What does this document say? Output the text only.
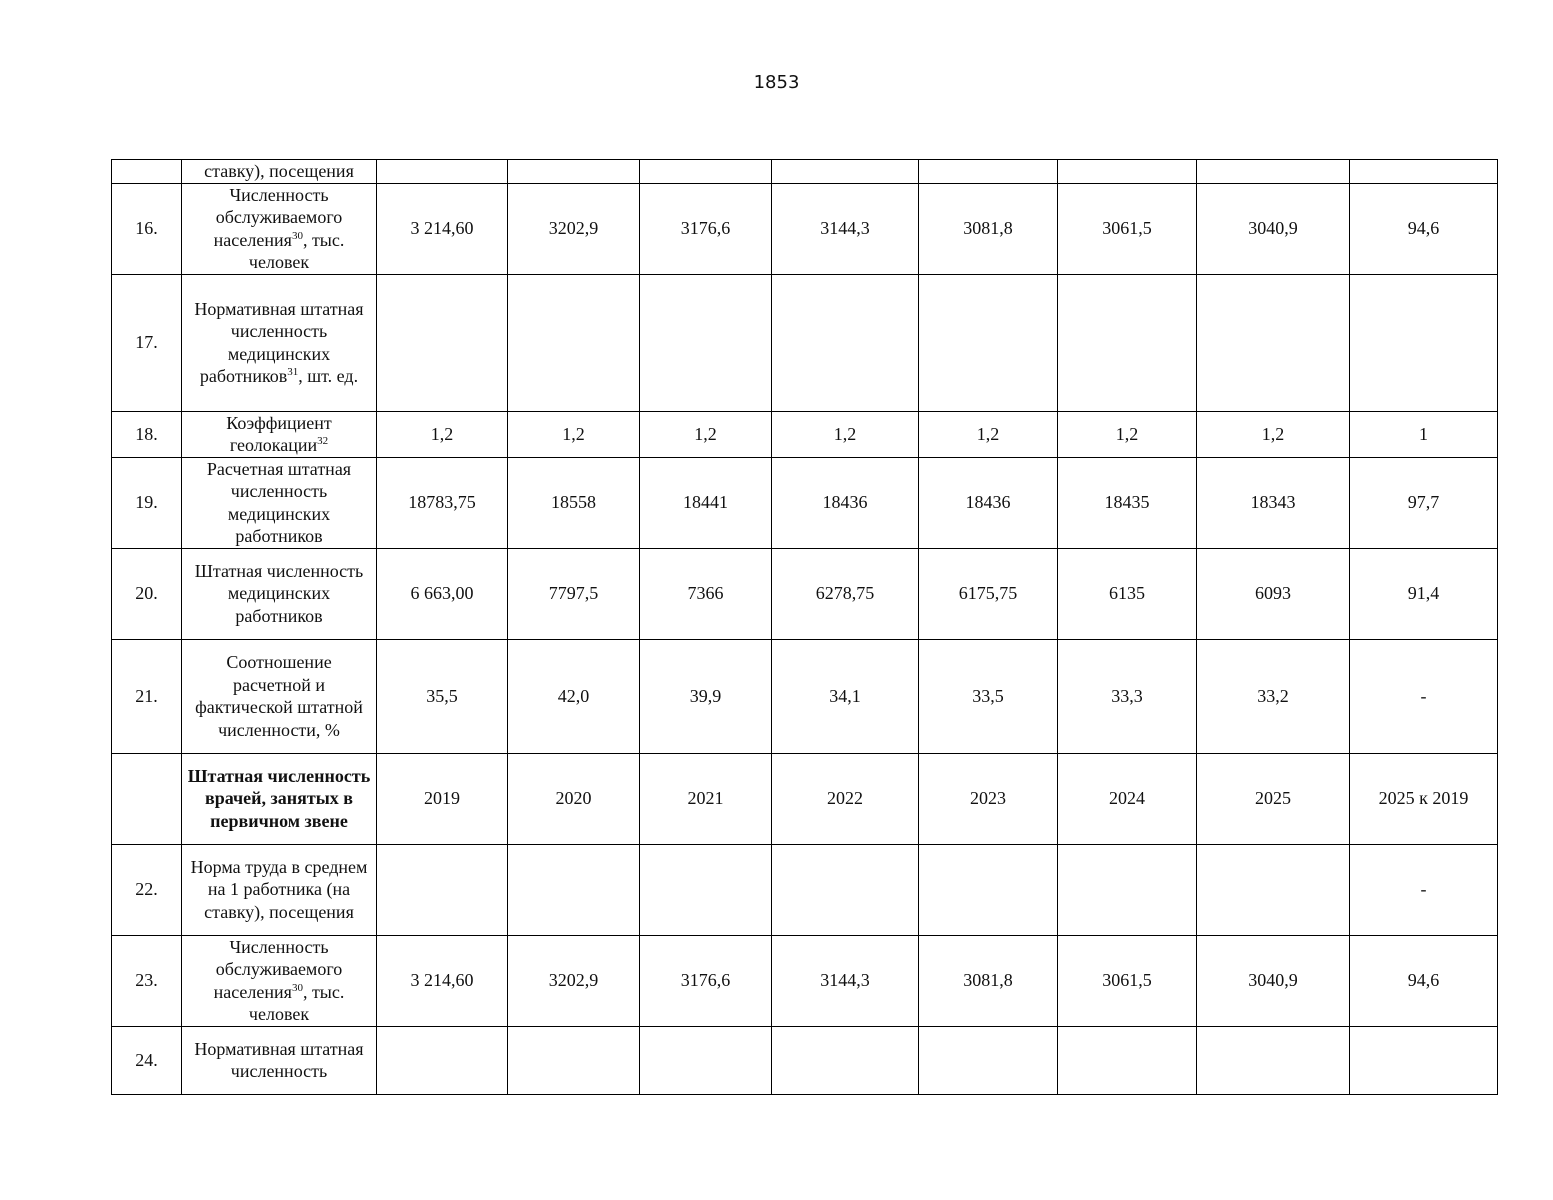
1853
	ставку), посещения								
16.	Численность обслуживаемого населения$^{30}$, тыс. человек	3 214,60	3202,9	3176,6	3144,3	3081,8	3061,5	3040,9	94,6
17.	Нормативная штатная численность медицинских работников$^{31}$, шт. ед.								
18.	Коэффициент геолокации$^{32}$	1,2	1,2	1,2	1,2	1,2	1,2	1,2	1
19.	Расчетная штатная численность медицинских работников	18783,75	18558	18441	18436	18436	18435	18343	97,7
20.	Штатная численность медицинских работников	6 663,00	7797,5	7366	6278,75	6175,75	6135	6093	91,4
21.	Соотношение расчетной и фактической штатной численности, %	35,5	42,0	39,9	34,1	33,5	33,3	33,2	-
	Штатная численность врачей, занятых в первичном звене	2019	2020	2021	2022	2023	2024	2025	2025 к 2019
22.	Норма труда в среднем на 1 работника (на ставку), посещения								-
23.	Численность обслуживаемого населения$^{30}$, тыс. человек	3 214,60	3202,9	3176,6	3144,3	3081,8	3061,5	3040,9	94,6
24.	Нормативная штатная численность								
